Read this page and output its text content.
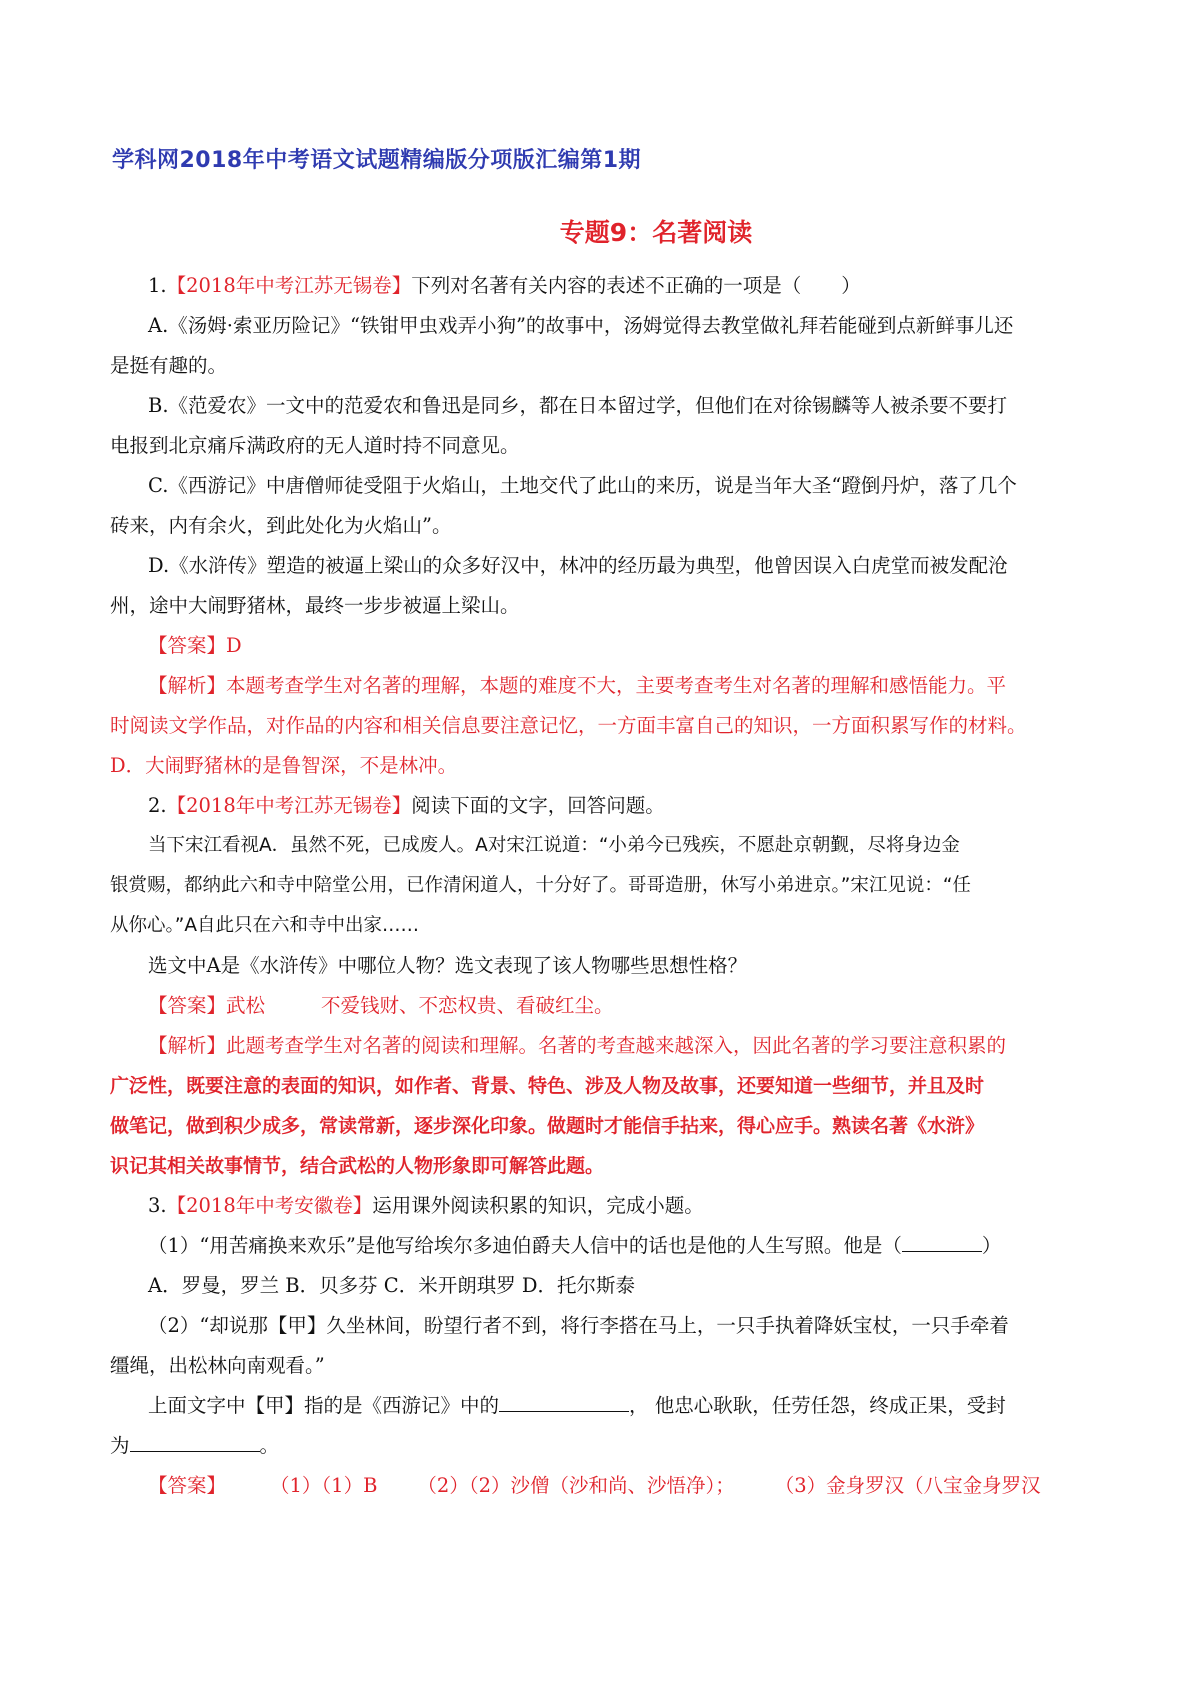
学科网2018年中考语文试题精编版分项版汇编第1期
专题9：名著阅读
1.【2018年中考江苏无锡卷】下列对名著有关内容的表述不正确的一项是（ ）
A.《汤姆·索亚历险记》“铁钳甲虫戏弄小狗”的故事中，汤姆觉得去教堂做礼拜若能碰到点新鲜事儿还
是挺有趣的。
B.《范爱农》一文中的范爱农和鲁迅是同乡，都在日本留过学，但他们在对徐锡麟等人被杀要不要打
电报到北京痛斥满政府的无人道时持不同意见。
C.《西游记》中唐僧师徒受阻于火焰山，土地交代了此山的来历，说是当年大圣“蹬倒丹炉，落了几个
砖来，内有余火，到此处化为火焰山”。
D.《水浒传》塑造的被逼上梁山的众多好汉中，林冲的经历最为典型，他曾因误入白虎堂而被发配沧
州，途中大闹野猪林，最终一步步被逼上梁山。
【答案】D
【解析】本题考查学生对名著的理解，本题的难度不大，主要考查考生对名著的理解和感悟能力。平
时阅读文学作品，对作品的内容和相关信息要注意记忆，一方面丰富自己的知识，一方面积累写作的材料。
D．大闹野猪林的是鲁智深，不是林冲。
2.【2018年中考江苏无锡卷】阅读下面的文字，回答问题。
当下宋江看视A．虽然不死，已成废人。A对宋江说道：“小弟今已残疾，不愿赴京朝觐，尽将身边金
银赏赐，都纳此六和寺中陪堂公用，已作清闲道人，十分好了。哥哥造册，休写小弟进京。”宋江见说：“任
从你心。”A自此只在六和寺中出家……
选文中A是《水浒传》中哪位人物？选文表现了该人物哪些思想性格？
【答案】武松	不爱钱财、不恋权贵、看破红尘。
【解析】此题考查学生对名著的阅读和理解。名著的考查越来越深入，因此名著的学习要注意积累的
广泛性，既要注意的表面的知识，如作者、背景、特色、涉及人物及故事，还要知道一些细节，并且及时
做笔记，做到积少成多，常读常新，逐步深化印象。做题时才能信手拈来，得心应手。熟读名著《水浒》
识记其相关故事情节，结合武松的人物形象即可解答此题。
3.【2018年中考安徽卷】运用课外阅读积累的知识，完成小题。
（1）“用苦痛换来欢乐”是他写给埃尔多迪伯爵夫人信中的话也是他的人生写照。他是（	）
A．罗曼，罗兰 B．贝多芬 C．米开朗琪罗 D．托尔斯泰
（2）“却说那【甲】久坐林间，盼望行者不到，将行李搭在马上，一只手执着降妖宝杖，一只手牵着
缰绳，出松林向南观看。”
上面文字中【甲】指的是《西游记》中的	， 他忠心耿耿，任劳任怨，终成正果，受封
为	。
【答案】 （1）（1）B （2）（2）沙僧（沙和尚、沙悟净）； （3）金身罗汉（八宝金身罗汉
